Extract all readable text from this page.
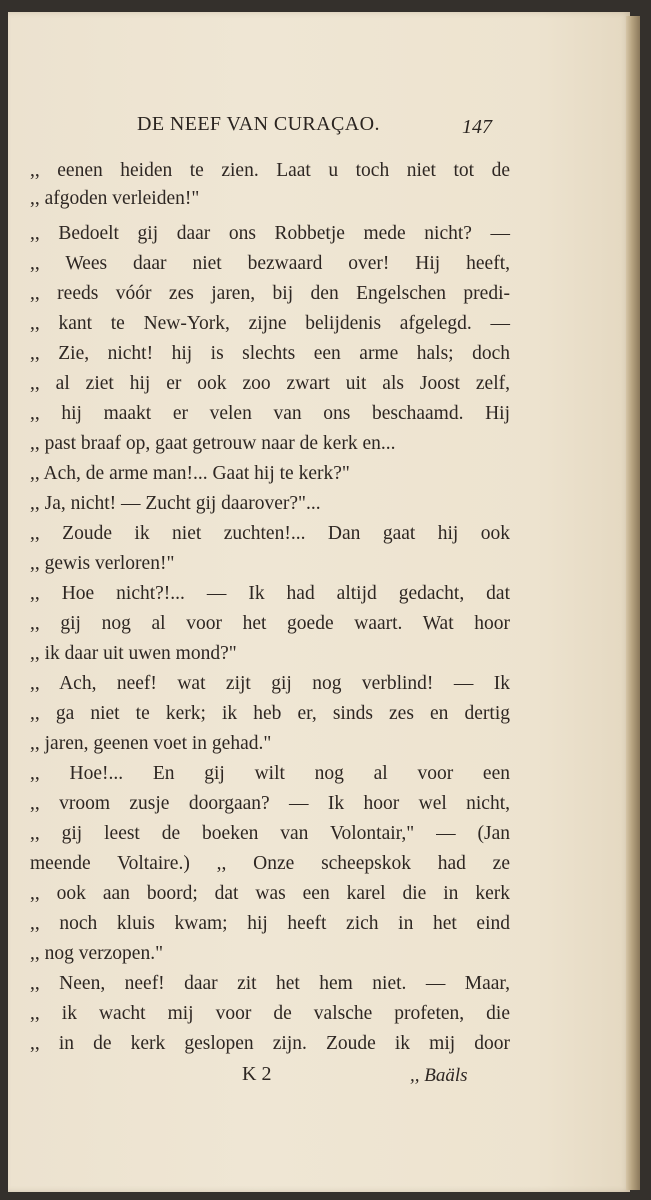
DE NEEF VAN CURAÇAO.	147
,, eenen heiden te zien. Laat u toch niet tot de
,, afgoden verleiden!"
,, Bedoelt gij daar ons Robbetje mede nicht? —
,, Wees daar niet bezwaard over! Hij heeft,
,, reeds vóór zes jaren, bij den Engelschen predi-
,, kant te New-York, zijne belijdenis afgelegd. —
,, Zie, nicht! hij is slechts een arme hals; doch
,, al ziet hij er ook zoo zwart uit als Joost zelf,
,, hij maakt er velen van ons beschaamd. Hij
,, past braaf op, gaat getrouw naar de kerk en...
,, Ach, de arme man!... Gaat hij te kerk?"
,, Ja, nicht! — Zucht gij daarover?"...
,, Zoude ik niet zuchten!... Dan gaat hij ook
,, gewis verloren!"
,, Hoe nicht?!... — Ik had altijd gedacht, dat
,, gij nog al voor het goede waart. Wat hoor
,, ik daar uit uwen mond?"
,, Ach, neef! wat zijt gij nog verblind! — Ik
,, ga niet te kerk; ik heb er, sinds zes en dertig
,, jaren, geenen voet in gehad."
,, Hoe!... En gij wilt nog al voor een
,, vroom zusje doorgaan? — Ik hoor wel nicht,
,, gij leest de boeken van Volontair," — (Jan
meende Voltaire.) ,, Onze scheepskok had ze
,, ook aan boord; dat was een karel die in kerk
,, noch kluis kwam; hij heeft zich in het eind
,, nog verzopen."
,, Neen, neef! daar zit het hem niet. — Maar,
,, ik wacht mij voor de valsche profeten, die
,, in de kerk geslopen zijn. Zoude ik mij door
K 2	,, Baäls
